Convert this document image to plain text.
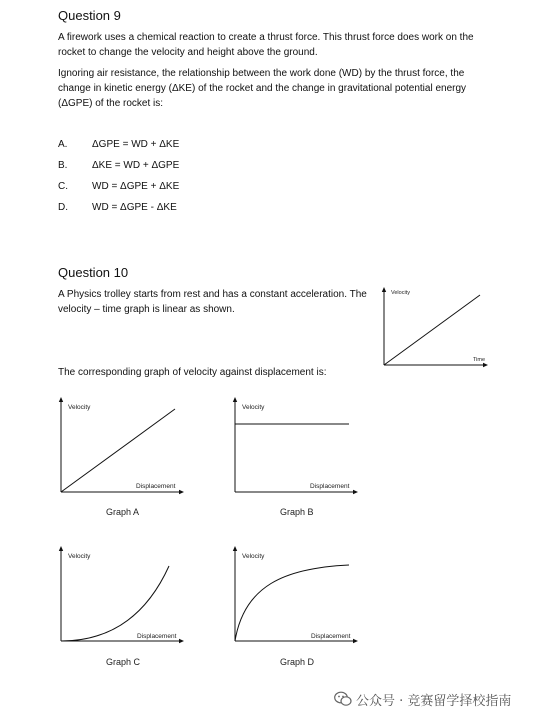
Question 9
A firework uses a chemical reaction to create a thrust force. This thrust force does work on the rocket to change the velocity and height above the ground.
Ignoring air resistance, the relationship between the work done (WD) by the thrust force, the change in kinetic energy (ΔKE) of the rocket and the change in gravitational potential energy (ΔGPE) of the rocket is:
A. ΔGPE = WD + ΔKE
B. ΔKE = WD + ΔGPE
C. WD = ΔGPE + ΔKE
D. WD = ΔGPE - ΔKE
Question 10
A Physics trolley starts from rest and has a constant acceleration. The velocity – time graph is linear as shown.
Velocity
Time
The corresponding graph of velocity against displacement is:
Velocity
Displacement
Graph A
Velocity
Displacement
Graph B
Velocity
Displacement
Graph C
Velocity
Displacement
Graph D
公众号 · 竞赛留学择校指南
